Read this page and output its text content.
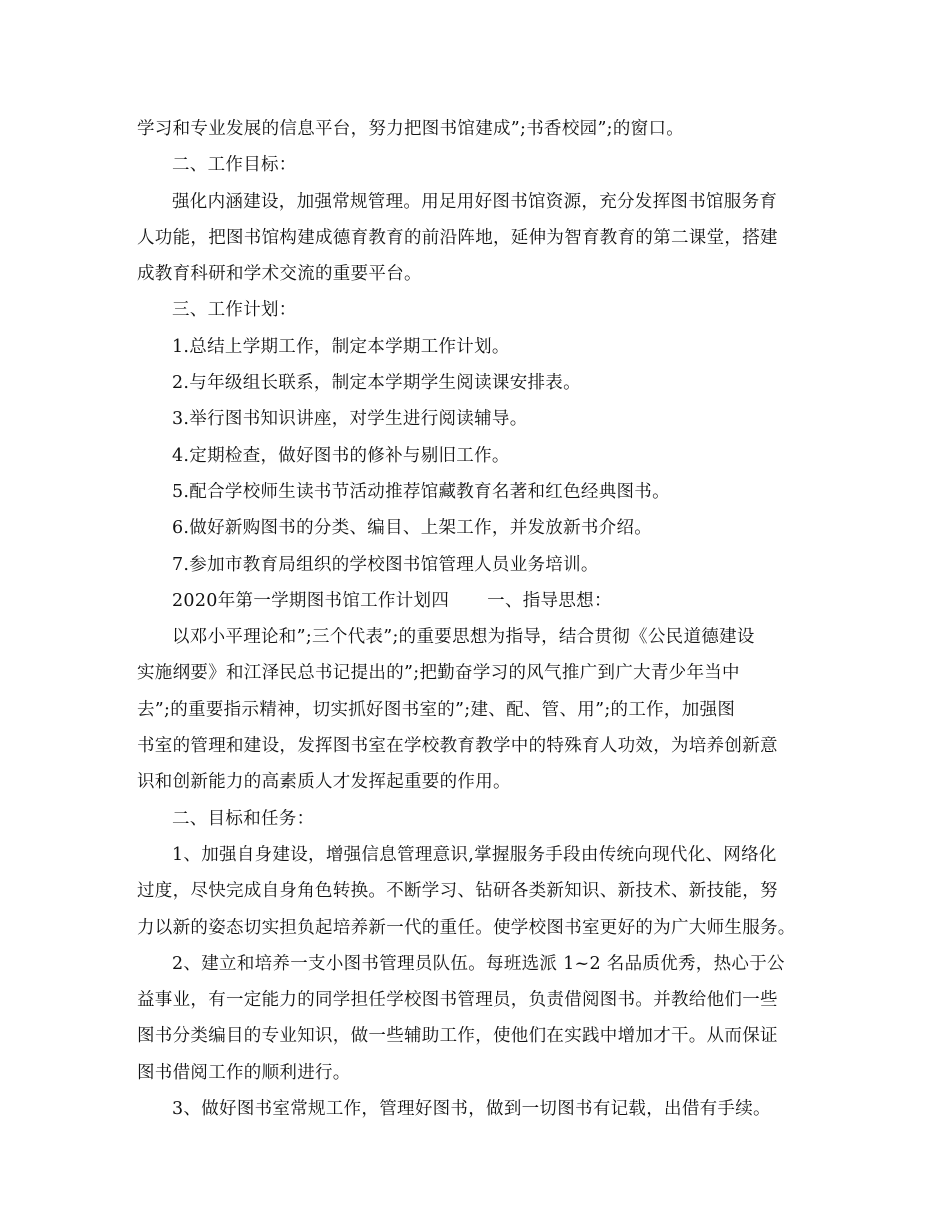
学习和专业发展的信息平台，努力把图书馆建成”;书香校园”;的窗口。
二、工作目标：
强化内涵建设，加强常规管理。用足用好图书馆资源，充分发挥图书馆服务育
人功能，把图书馆构建成德育教育的前沿阵地，延伸为智育教育的第二课堂，搭建
成教育科研和学术交流的重要平台。
三、工作计划：
1.总结上学期工作，制定本学期工作计划。
2.与年级组长联系，制定本学期学生阅读课安排表。
3.举行图书知识讲座，对学生进行阅读辅导。
4.定期检查，做好图书的修补与剔旧工作。
5.配合学校师生读书节活动推荐馆藏教育名著和红色经典图书。
6.做好新购图书的分类、编目、上架工作，并发放新书介绍。
7.参加市教育局组织的学校图书馆管理人员业务培训。
2020年第一学期图书馆工作计划四 一、指导思想：
以邓小平理论和”;三个代表”;的重要思想为指导，结合贯彻《公民道德建设
实施纲要》和江泽民总书记提出的”;把勤奋学习的风气推广到广大青少年当中
去”;的重要指示精神，切实抓好图书室的”;建、配、管、用”;的工作，加强图
书室的管理和建设，发挥图书室在学校教育教学中的特殊育人功效，为培养创新意
识和创新能力的高素质人才发挥起重要的作用。
二、目标和任务：
1、加强自身建设，增强信息管理意识,掌握服务手段由传统向现代化、网络化
过度，尽快完成自身角色转换。不断学习、钻研各类新知识、新技术、新技能，努
力以新的姿态切实担负起培养新一代的重任。使学校图书室更好的为广大师生服务。
2、建立和培养一支小图书管理员队伍。每班选派 1~2 名品质优秀，热心于公
益事业，有一定能力的同学担任学校图书管理员，负责借阅图书。并教给他们一些
图书分类编目的专业知识，做一些辅助工作，使他们在实践中增加才干。从而保证
图书借阅工作的顺利进行。
3、做好图书室常规工作，管理好图书，做到一切图书有记载，出借有手续。
